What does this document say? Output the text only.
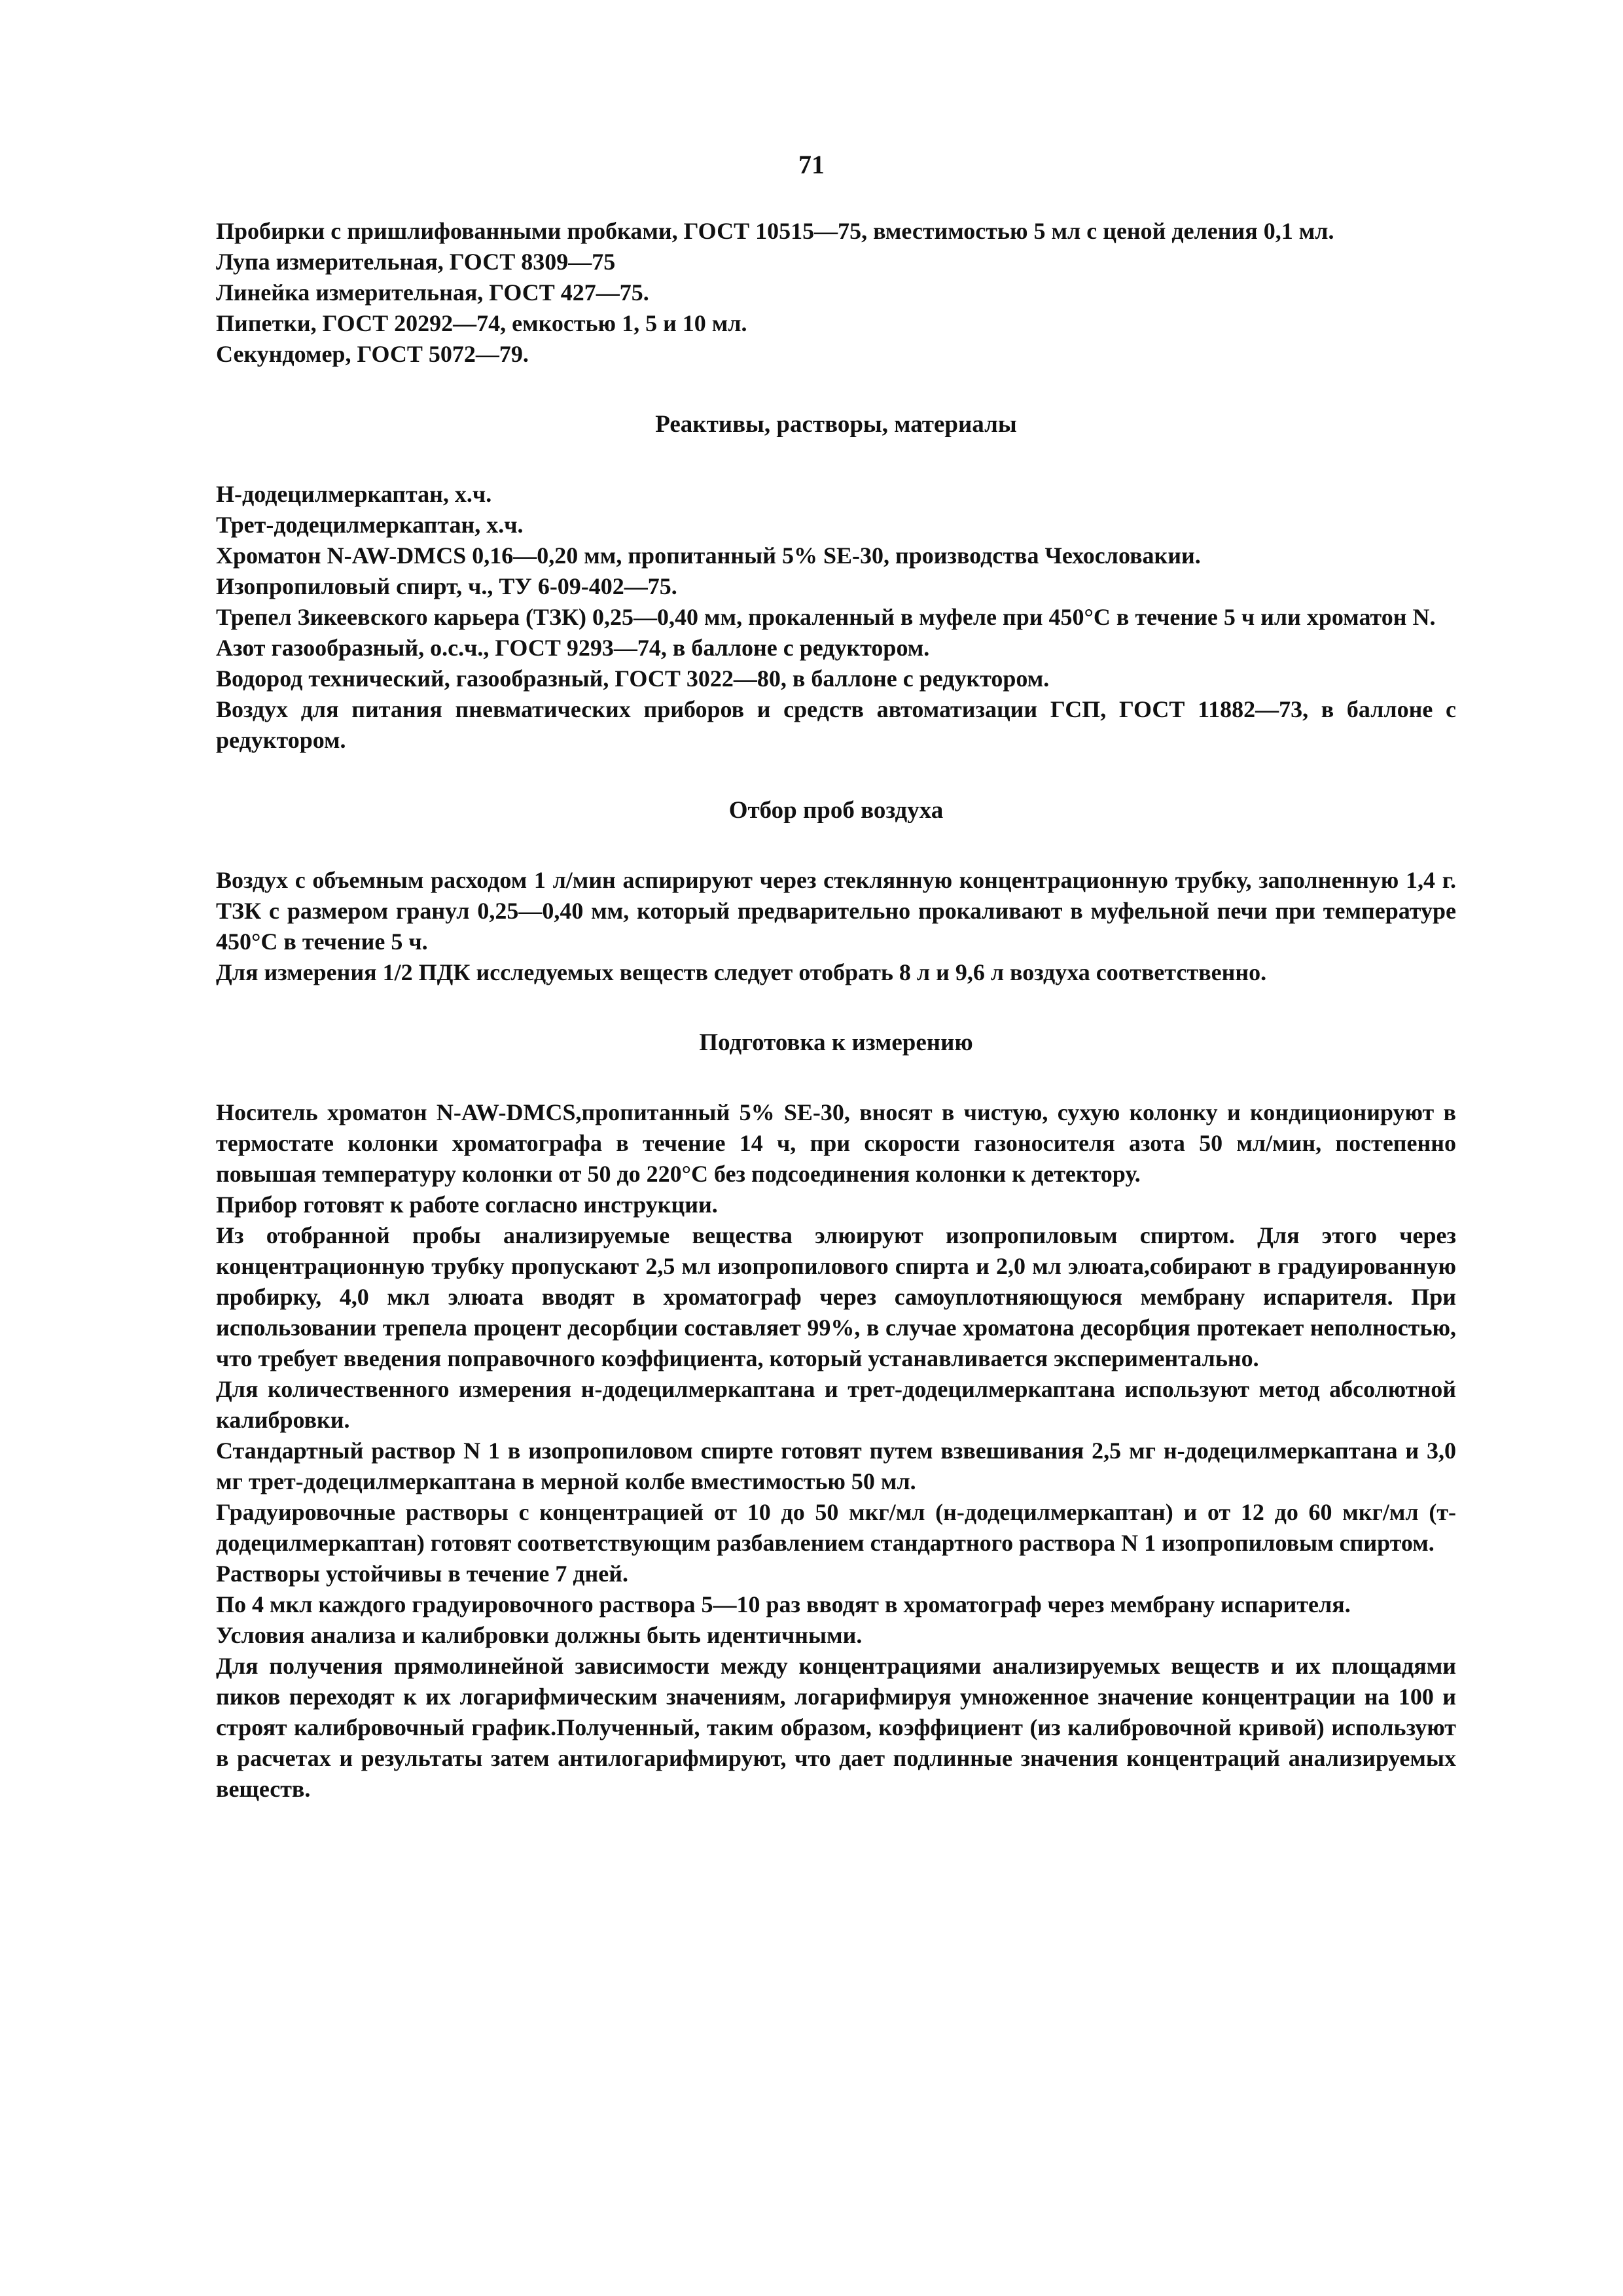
71

Пробирки с пришлифованными пробками, ГОСТ 10515—75, вместимостью 5 мл с ценой деления 0,1 мл.

Лупа измерительная, ГОСТ 8309—75

Линейка измерительная, ГОСТ 427—75.

Пипетки, ГОСТ 20292—74, емкостью 1, 5 и 10 мл.

Секундомер, ГОСТ 5072—79.

Реактивы, растворы, материалы

Н-додецилмеркаптан, х.ч.

Трет-додецилмеркаптан, х.ч.

Хроматон N-AW-DMCS 0,16—0,20 мм, пропитанный 5% SE-30, производства Чехословакии.

Изопропиловый спирт, ч., ТУ 6-09-402—75.

Трепел Зикеевского карьера (ТЗК) 0,25—0,40 мм, прокаленный в муфеле при 450°С в течение 5 ч или хроматон N.

Азот газообразный, о.с.ч., ГОСТ 9293—74, в баллоне с редуктором.

Водород технический, газообразный, ГОСТ 3022—80, в баллоне с редуктором.

Воздух для питания пневматических приборов и средств автоматизации ГСП, ГОСТ 11882—73, в баллоне с редуктором.

Отбор проб воздуха

Воздух с объемным расходом 1 л/мин аспирируют через стеклянную концентрационную трубку, заполненную 1,4 г. ТЗК с размером гранул 0,25—0,40 мм, который предварительно прокаливают в муфельной печи при температуре 450°С в течение 5 ч.

Для измерения 1/2 ПДК исследуемых веществ следует отобрать 8 л и 9,6 л воздуха соответственно.

Подготовка к измерению

Носитель хроматон N-AW-DMCS,пропитанный 5% SE-30, вносят в чистую, сухую колонку и кондиционируют в термостате колонки хроматографа в течение 14 ч, при скорости газоносителя азота 50 мл/мин, постепенно повышая температуру колонки от 50 до 220°С без подсоединения колонки к детектору.

Прибор готовят к работе согласно инструкции.

Из отобранной пробы анализируемые вещества элюируют изопропиловым спиртом. Для этого через концентрационную трубку пропускают 2,5 мл изопропилового спирта и 2,0 мл элюата,собирают в градуированную пробирку, 4,0 мкл элюата вводят в хроматограф через самоуплотняющуюся мембрану испарителя. При использовании трепела процент десорбции составляет 99%, в случае хроматона десорбция протекает неполностью, что требует введения поправочного коэффициента, который устанавливается экспериментально.

Для количественного измерения н-додецилмеркаптана и трет-додецилмеркаптана используют метод абсолютной калибровки.

Стандартный раствор N 1 в изопропиловом спирте готовят путем взвешивания 2,5 мг н-додецилмеркаптана и 3,0 мг трет-додецилмеркаптана в мерной колбе вместимостью 50 мл.

Градуировочные растворы с концентрацией от 10 до 50 мкг/мл (н-додецилмеркаптан) и от 12 до 60 мкг/мл (т-додецилмеркаптан) готовят соответствующим разбавлением стандартного раствора N 1 изопропиловым спиртом.

Растворы устойчивы в течение 7 дней.

По 4 мкл каждого градуировочного раствора 5—10 раз вводят в хроматограф через мембрану испарителя.

Условия анализа и калибровки должны быть идентичными.

Для получения прямолинейной зависимости между концентрациями анализируемых веществ и их площадями пиков переходят к их логарифмическим значениям, логарифмируя умноженное значение концентрации на 100 и строят калибровочный график.Полученный, таким образом, коэффициент (из калибровочной кривой) используют в расчетах и результаты затем антилогарифмируют, что дает подлинные значения концентраций анализируемых веществ.
